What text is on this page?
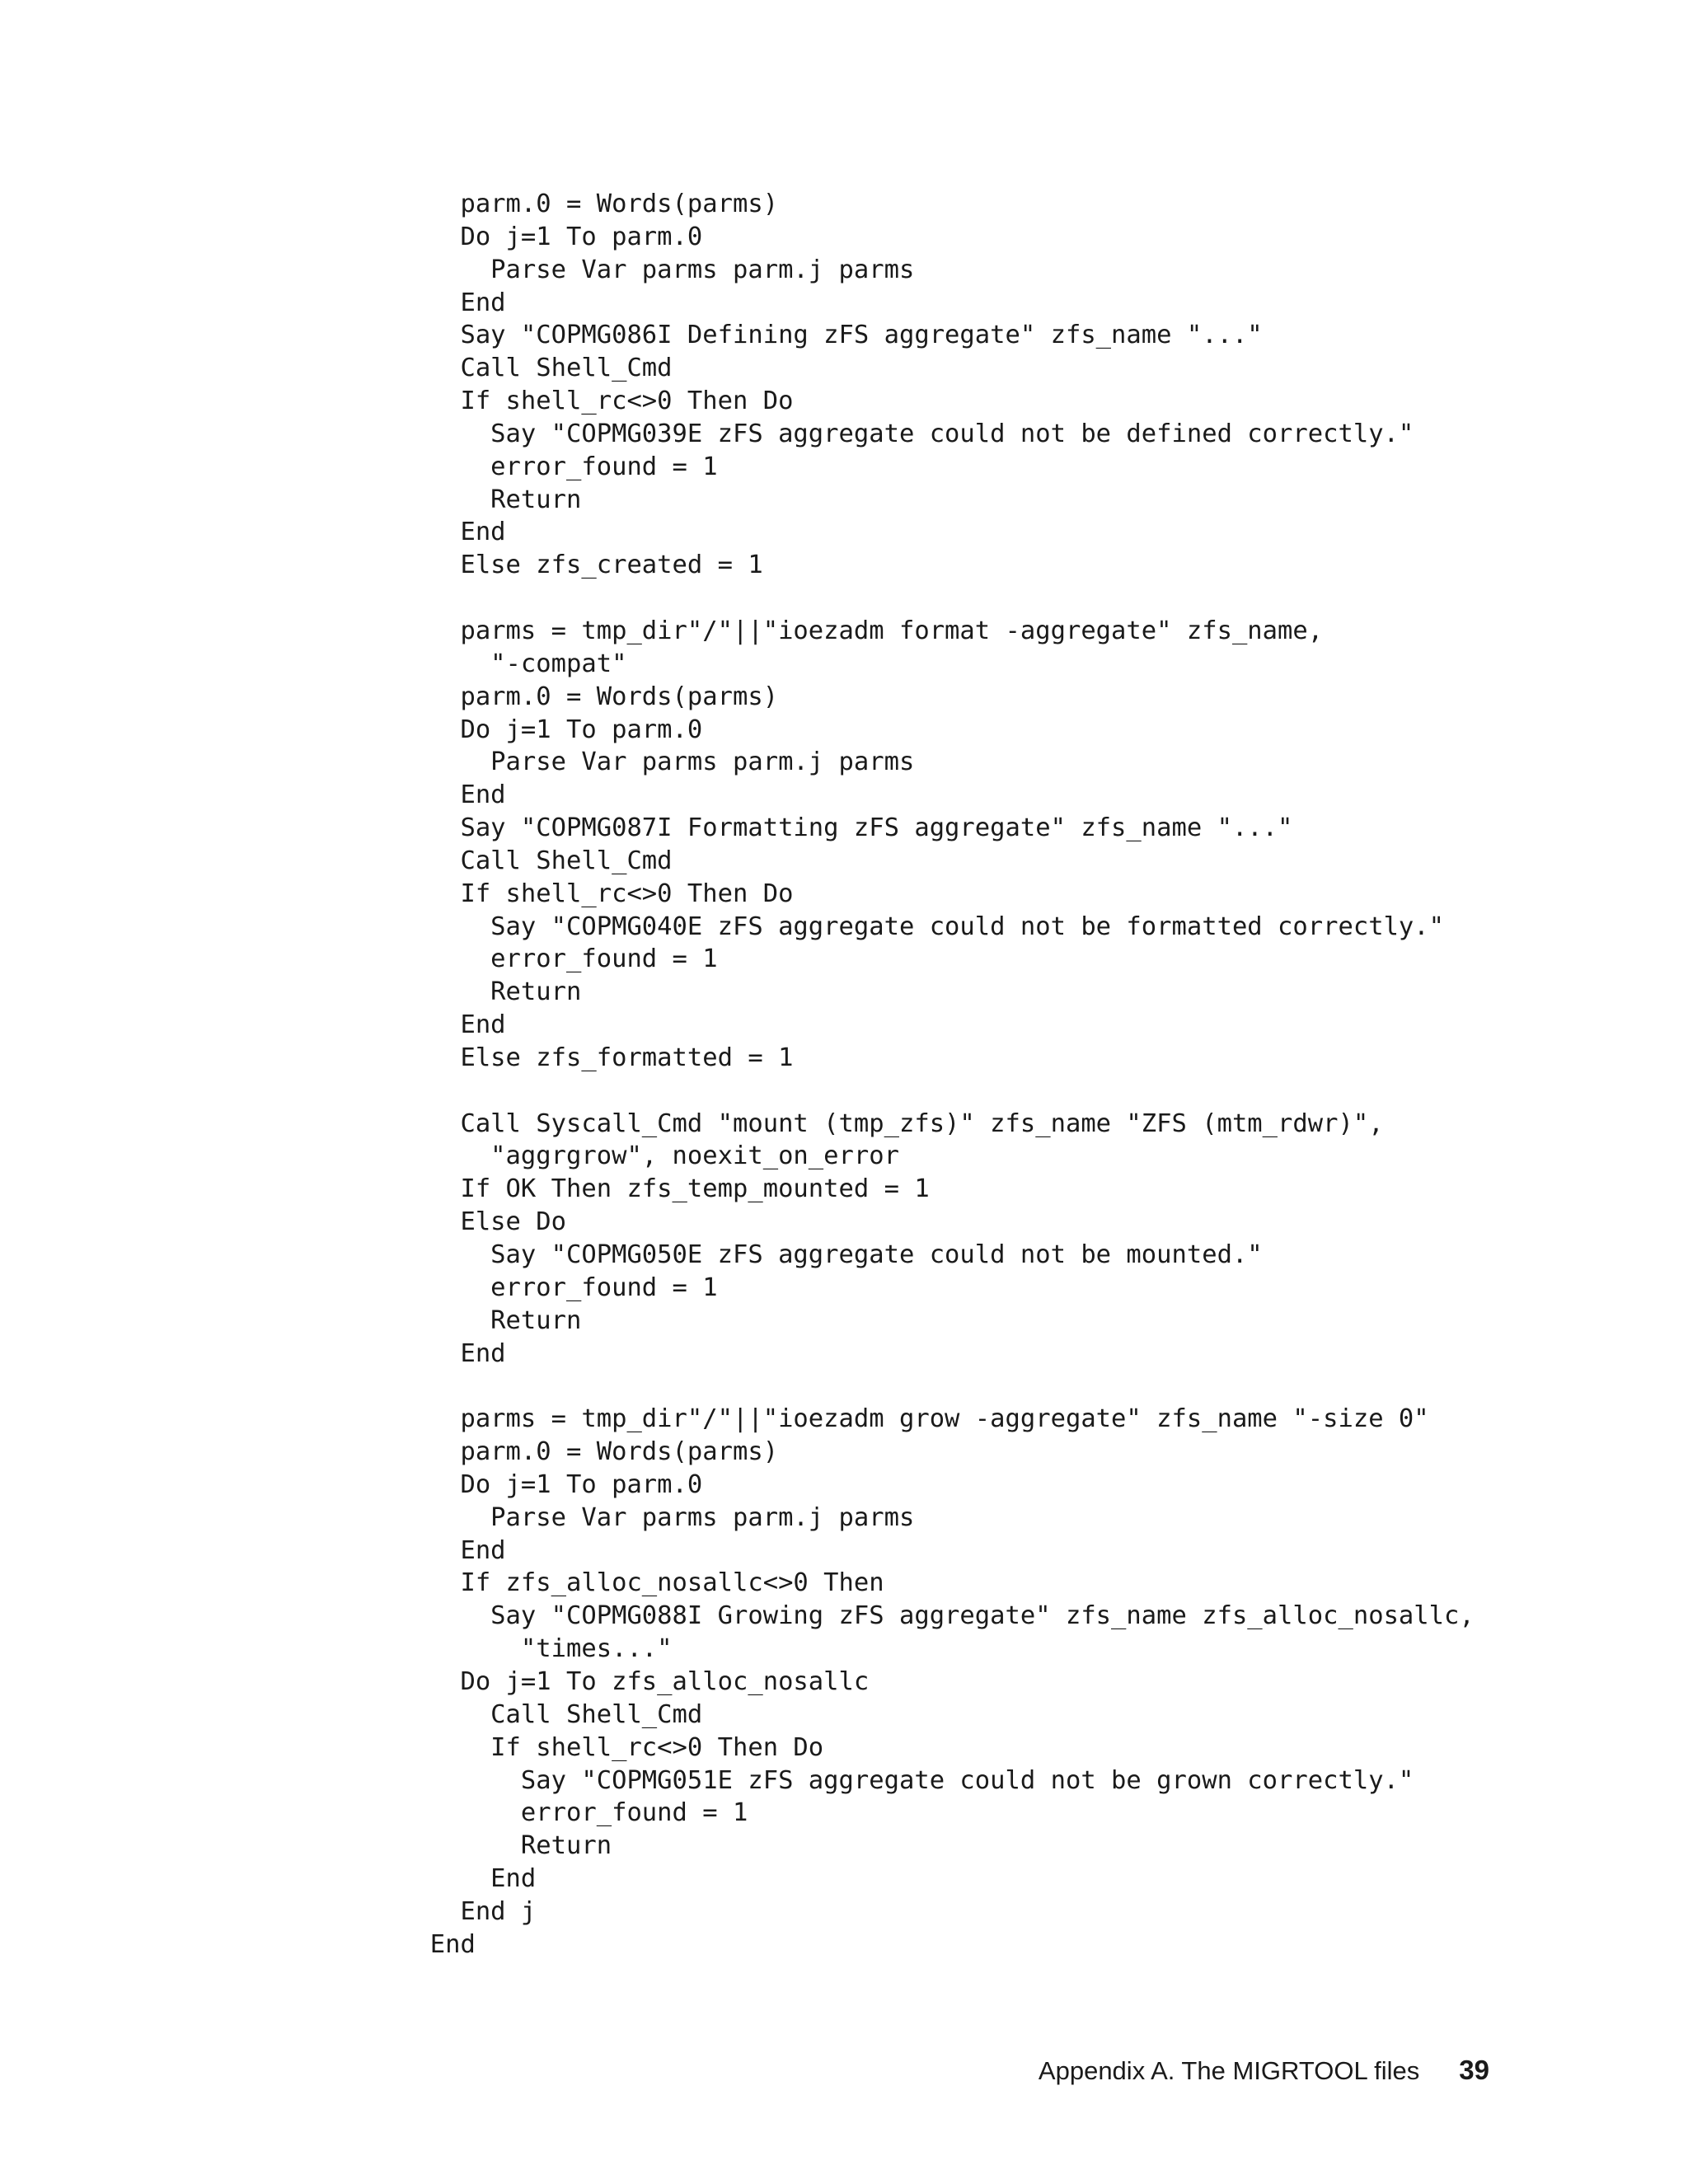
parm.0 = Words(parms)
Do j=1 To parm.0
Parse Var parms parm.j parms
End
Say "COPMG086I Defining zFS aggregate" zfs_name "..."
Call Shell_Cmd
If shell_rc<>0 Then Do
Say "COPMG039E zFS aggregate could not be defined correctly."
error_found = 1
Return
End
Else zfs_created = 1
parms = tmp_dir"/"||"ioezadm format -aggregate" zfs_name,
"-compat"
parm.0 = Words(parms)
Do j=1 To parm.0
Parse Var parms parm.j parms
End
Say "COPMG087I Formatting zFS aggregate" zfs_name "..."
Call Shell_Cmd
If shell_rc<>0 Then Do
Say "COPMG040E zFS aggregate could not be formatted correctly."
error_found = 1
Return
End
Else zfs_formatted = 1
Call Syscall_Cmd "mount (tmp_zfs)" zfs_name "ZFS (mtm_rdwr)",
"aggrgrow", noexit_on_error
If OK Then zfs_temp_mounted = 1
Else Do
Say "COPMG050E zFS aggregate could not be mounted."
error_found = 1
Return
End
parms = tmp_dir"/"||"ioezadm grow -aggregate" zfs_name "-size 0"
parm.0 = Words(parms)
Do j=1 To parm.0
Parse Var parms parm.j parms
End
If zfs_alloc_nosallc<>0 Then
Say "COPMG088I Growing zFS aggregate" zfs_name zfs_alloc_nosallc,
"times..."
Do j=1 To zfs_alloc_nosallc
Call Shell_Cmd
If shell_rc<>0 Then Do
Say "COPMG051E zFS aggregate could not be grown correctly."
error_found = 1
Return
End
End j
End
Appendix A. The MIGRTOOL files 39
